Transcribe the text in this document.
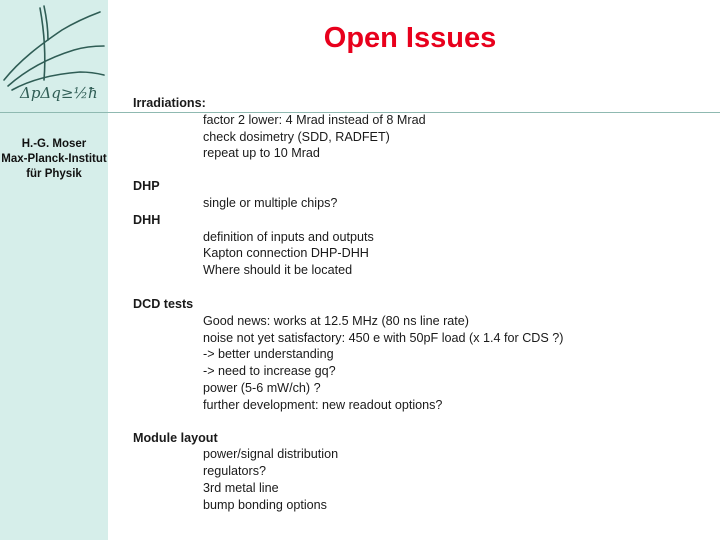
ΔpΔq≥½ħ
H.-G. Moser
Max-Planck-Institut
für Physik
Open Issues
Irradiations:
factor 2 lower: 4 Mrad instead of 8 Mrad
check dosimetry (SDD, RADFET)
repeat up to 10 Mrad
DHP
single or multiple chips?
DHH
definition of inputs and outputs
Kapton connection DHP-DHH
Where should it be located
DCD tests
Good news: works at 12.5 MHz (80 ns line rate)
noise not yet satisfactory: 450 e with 50pF load (x 1.4 for CDS ?)
-> better understanding
-> need to increase gq?
power (5-6 mW/ch) ?
further development: new readout options?
Module layout
power/signal distribution
regulators?
3rd metal line
bump bonding options
